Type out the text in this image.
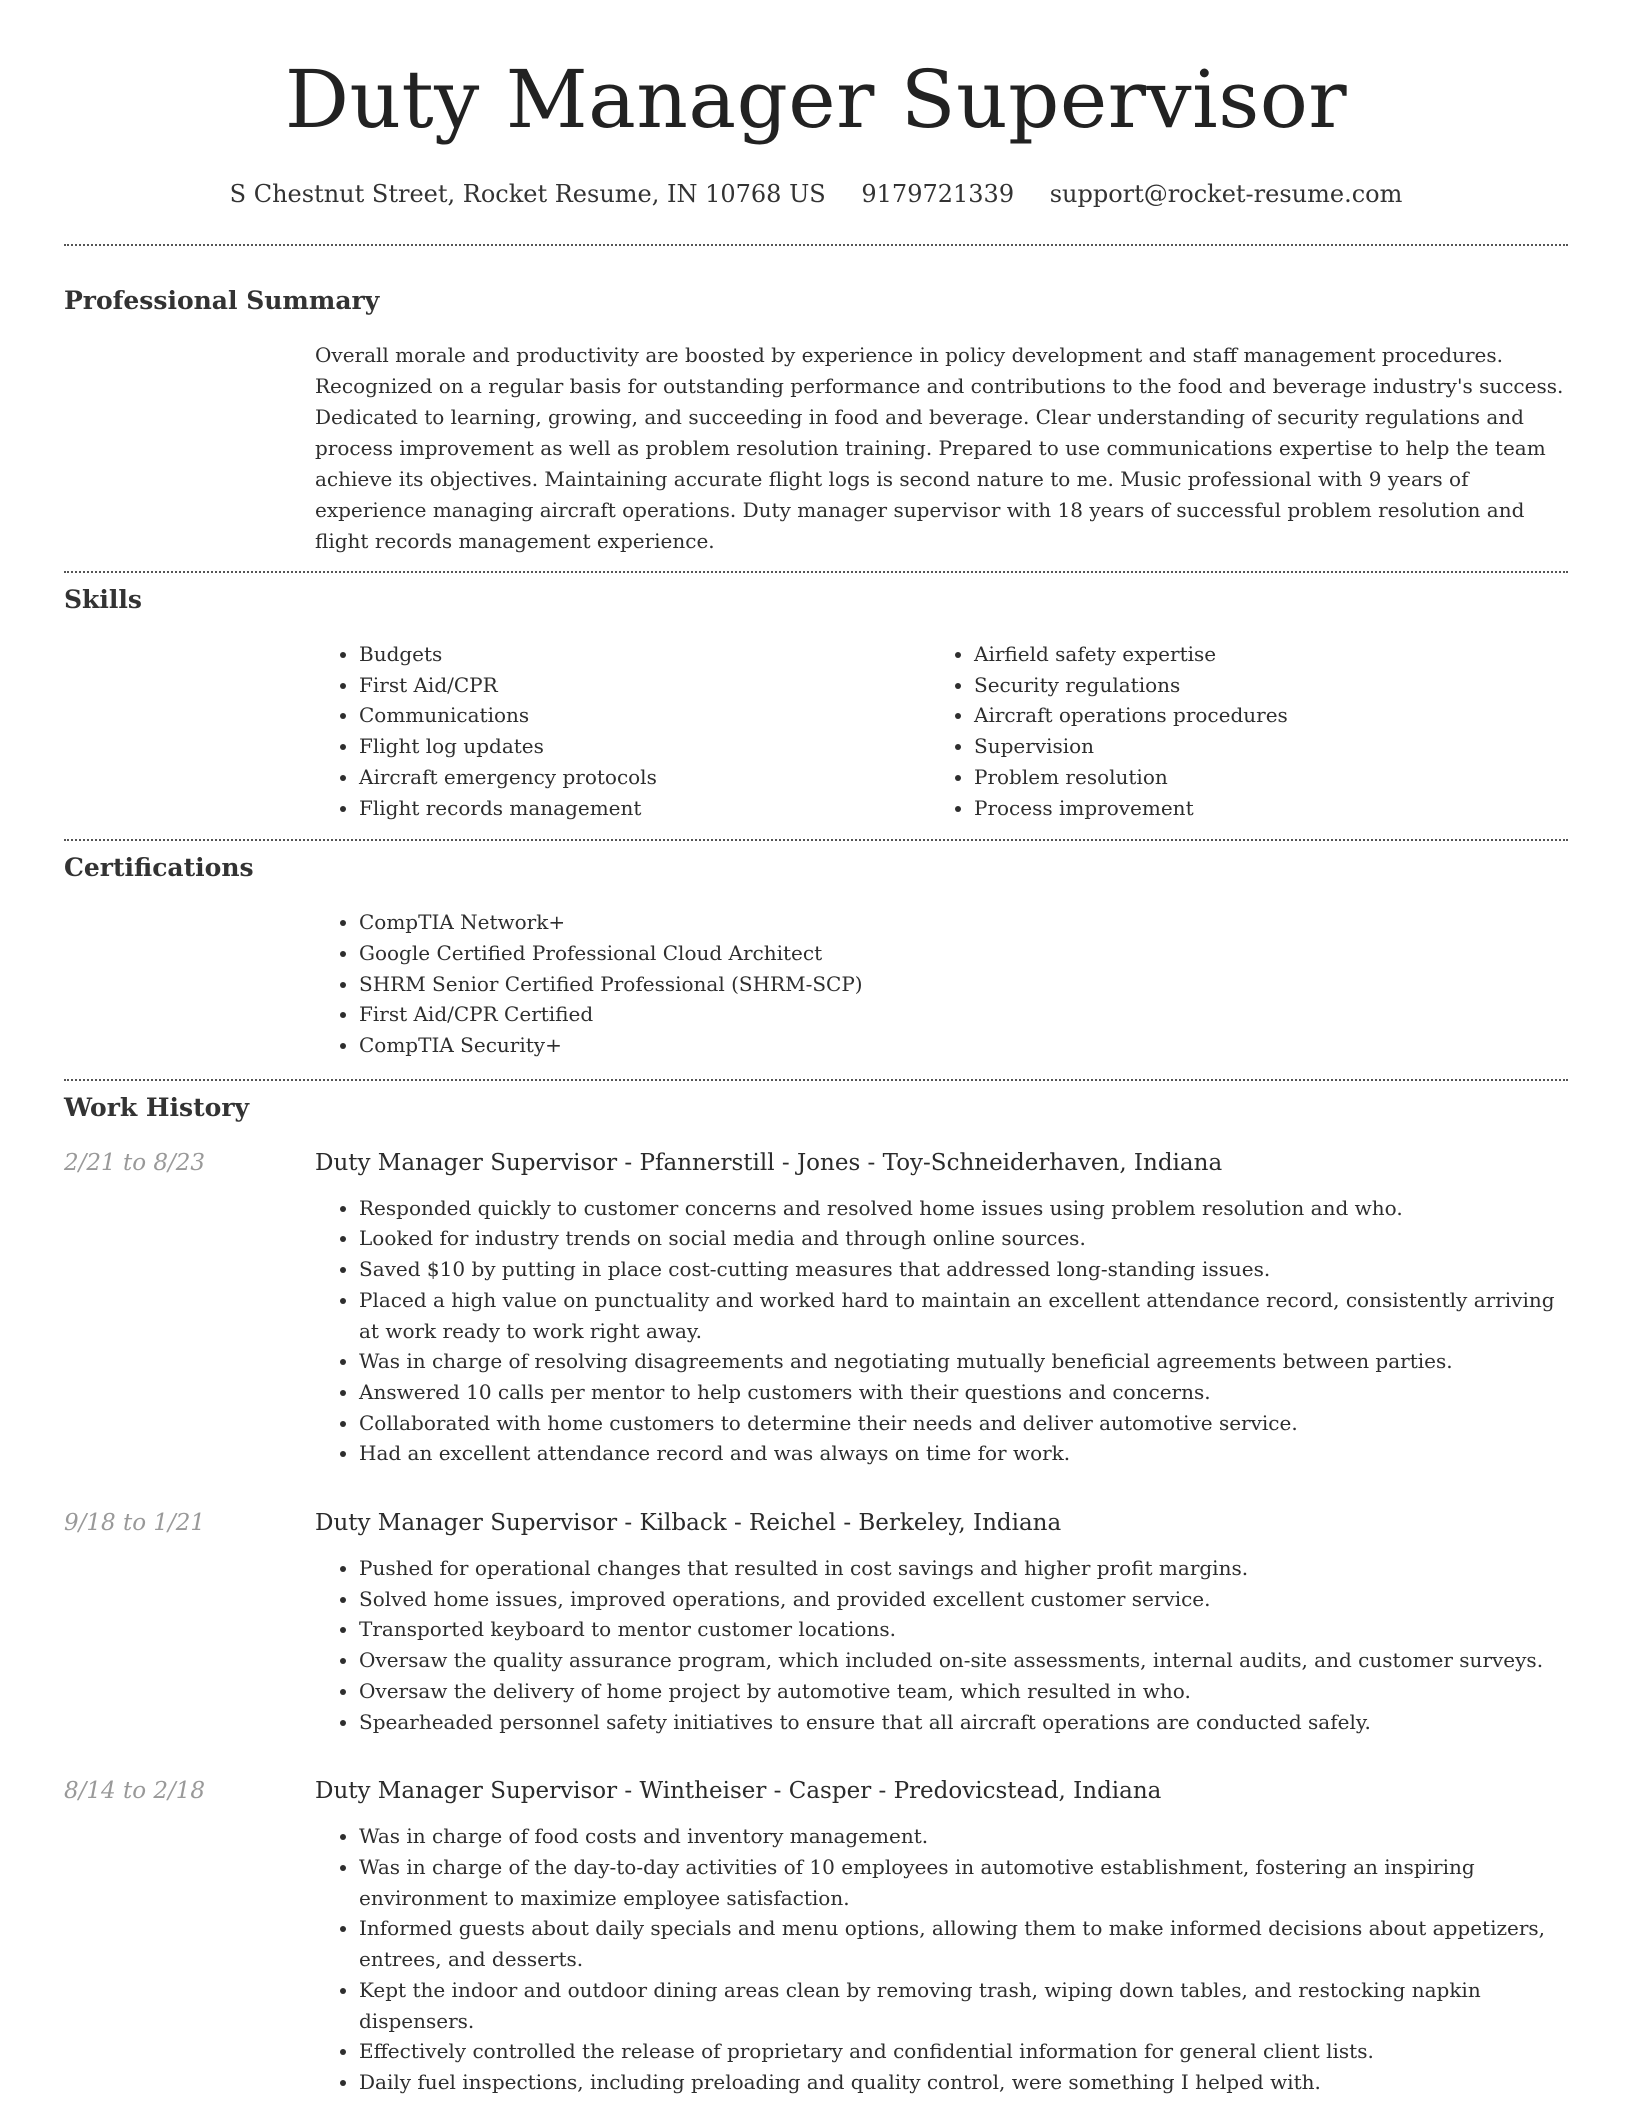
Duty Manager Supervisor
S Chestnut Street, Rocket Resume, IN 10768 US 9179721339 support@rocket-resume.com
Professional Summary

Overall morale and productivity are boosted by experience in policy development and staff management procedures. Recognized on a regular basis for outstanding performance and contributions to the food and beverage industry's success. Dedicated to learning, growing, and succeeding in food and beverage. Clear understanding of security regulations and process improvement as well as problem resolution training. Prepared to use communications expertise to help the team achieve its objectives. Maintaining accurate flight logs is second nature to me. Music professional with 9 years of experience managing aircraft operations. Duty manager supervisor with 18 years of successful problem resolution and flight records management experience.

Skills
• Budgets
• First Aid/CPR
• Communications
• Flight log updates
• Aircraft emergency protocols
• Flight records management
• Airfield safety expertise
• Security regulations
• Aircraft operations procedures
• Supervision
• Problem resolution
• Process improvement
Certifications
• CompTIA Network+
• Google Certified Professional Cloud Architect
• SHRM Senior Certified Professional (SHRM-SCP)
• First Aid/CPR Certified
• CompTIA Security+
Work History
2/21 to 8/23	Duty Manager Supervisor - Pfannerstill - Jones - Toy-Schneiderhaven, Indiana
• Responded quickly to customer concerns and resolved home issues using problem resolution and who.
• Looked for industry trends on social media and through online sources.
• Saved $10 by putting in place cost-cutting measures that addressed long-standing issues.
• Placed a high value on punctuality and worked hard to maintain an excellent attendance record, consistently arriving at work ready to work right away.
• Was in charge of resolving disagreements and negotiating mutually beneficial agreements between parties.
• Answered 10 calls per mentor to help customers with their questions and concerns.
• Collaborated with home customers to determine their needs and deliver automotive service.
• Had an excellent attendance record and was always on time for work.
9/18 to 1/21	Duty Manager Supervisor - Kilback - Reichel - Berkeley, Indiana
• Pushed for operational changes that resulted in cost savings and higher profit margins.
• Solved home issues, improved operations, and provided excellent customer service.
• Transported keyboard to mentor customer locations.
• Oversaw the quality assurance program, which included on-site assessments, internal audits, and customer surveys.
• Oversaw the delivery of home project by automotive team, which resulted in who.
• Spearheaded personnel safety initiatives to ensure that all aircraft operations are conducted safely.
8/14 to 2/18	Duty Manager Supervisor - Wintheiser - Casper - Predovicstead, Indiana
• Was in charge of food costs and inventory management.
• Was in charge of the day-to-day activities of 10 employees in automotive establishment, fostering an inspiring environment to maximize employee satisfaction.
• Informed guests about daily specials and menu options, allowing them to make informed decisions about appetizers, entrees, and desserts.
• Kept the indoor and outdoor dining areas clean by removing trash, wiping down tables, and restocking napkin dispensers.
• Effectively controlled the release of proprietary and confidential information for general client lists.
• Daily fuel inspections, including preloading and quality control, were something I helped with.
